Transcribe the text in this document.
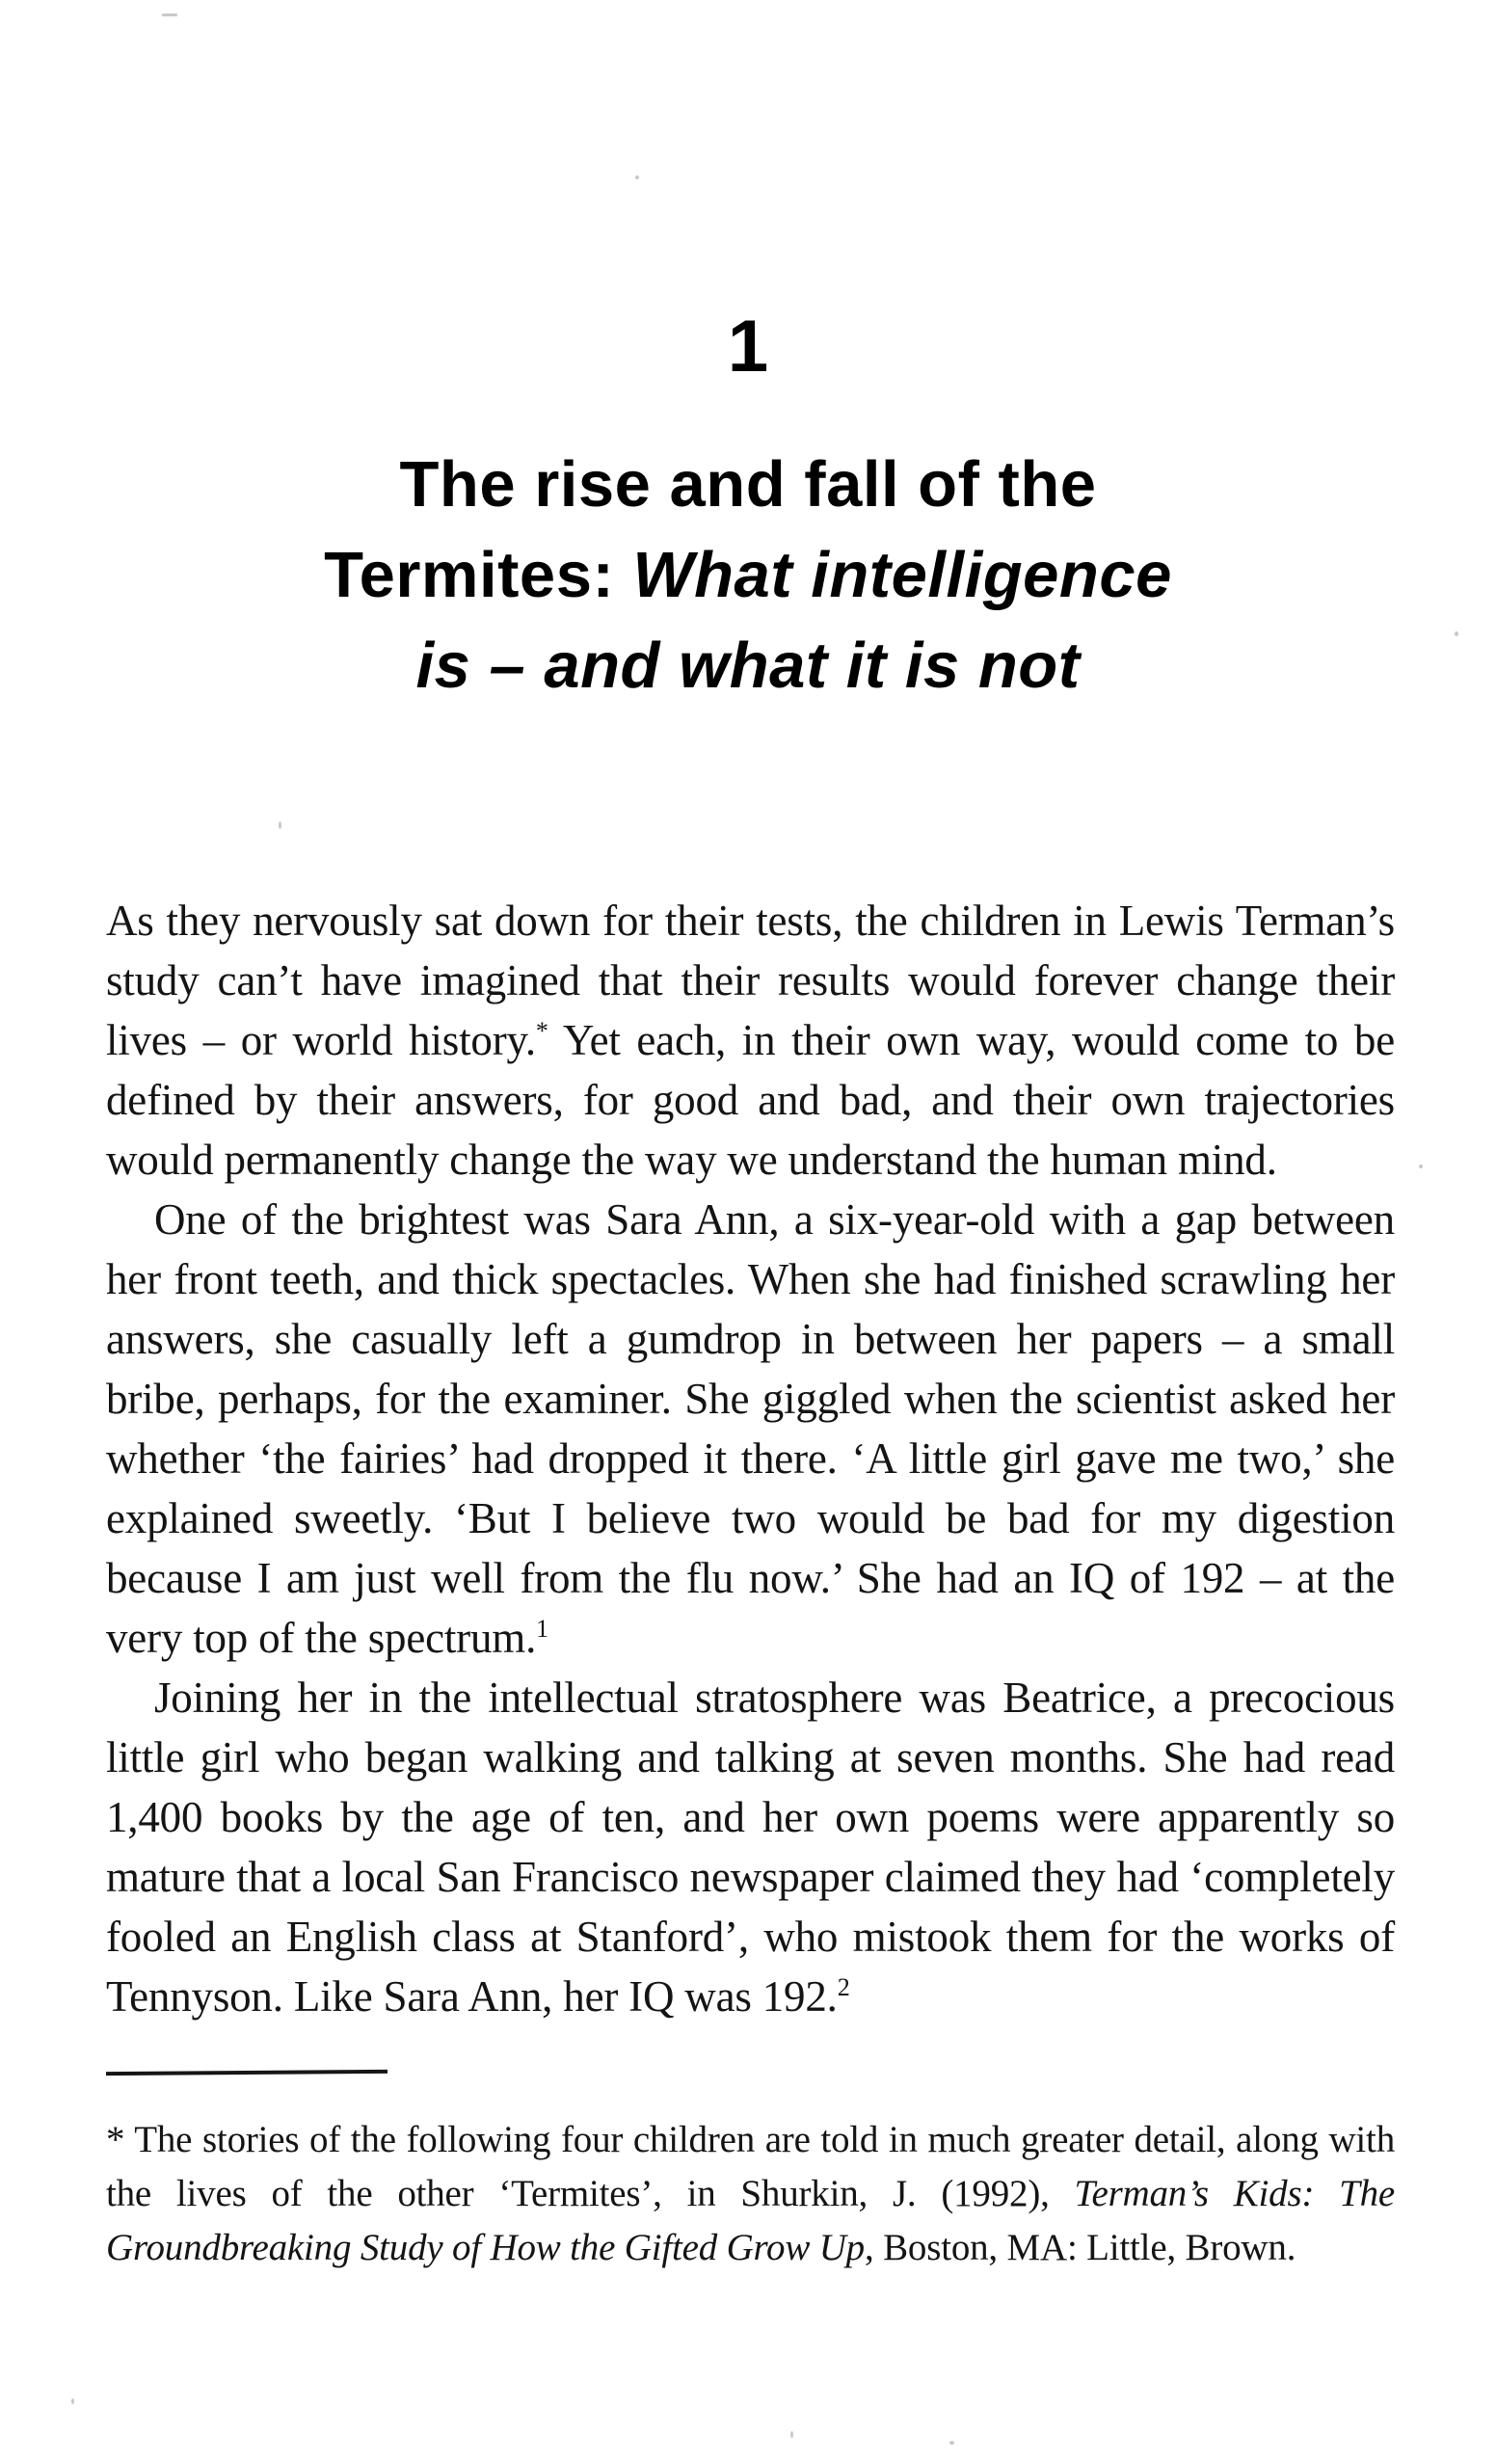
1
The rise and fall of the
Termites: What intelligence
is – and what it is not

As they nervously sat down for their tests, the children in Lewis Terman’s study can’t have imagined that their results would forever change their lives – or world history.* Yet each, in their own way, would come to be defined by their answers, for good and bad, and their own trajectories would permanently change the way we understand the human mind.

One of the brightest was Sara Ann, a six-year-old with a gap between her front teeth, and thick spectacles. When she had finished scrawling her answers, she casually left a gumdrop in between her papers – a small bribe, perhaps, for the examiner. She giggled when the scientist asked her whether ‘the fairies’ had dropped it there. ‘A little girl gave me two,’ she explained sweetly. ‘But I believe two would be bad for my digestion because I am just well from the flu now.’ She had an IQ of 192 – at the very top of the spectrum.$^1$

Joining her in the intellectual stratosphere was Beatrice, a precocious little girl who began walking and talking at seven months. She had read 1,400 books by the age of ten, and her own poems were apparently so mature that a local San Francisco newspaper claimed they had ‘completely fooled an English class at Stanford’, who mistook them for the works of Tennyson. Like Sara Ann, her IQ was 192.$^2$

* The stories of the following four children are told in much greater detail, along with the lives of the other ‘Termites’, in Shurkin, J. (1992), Terman’s Kids: The Groundbreaking Study of How the Gifted Grow Up, Boston, MA: Little, Brown.
